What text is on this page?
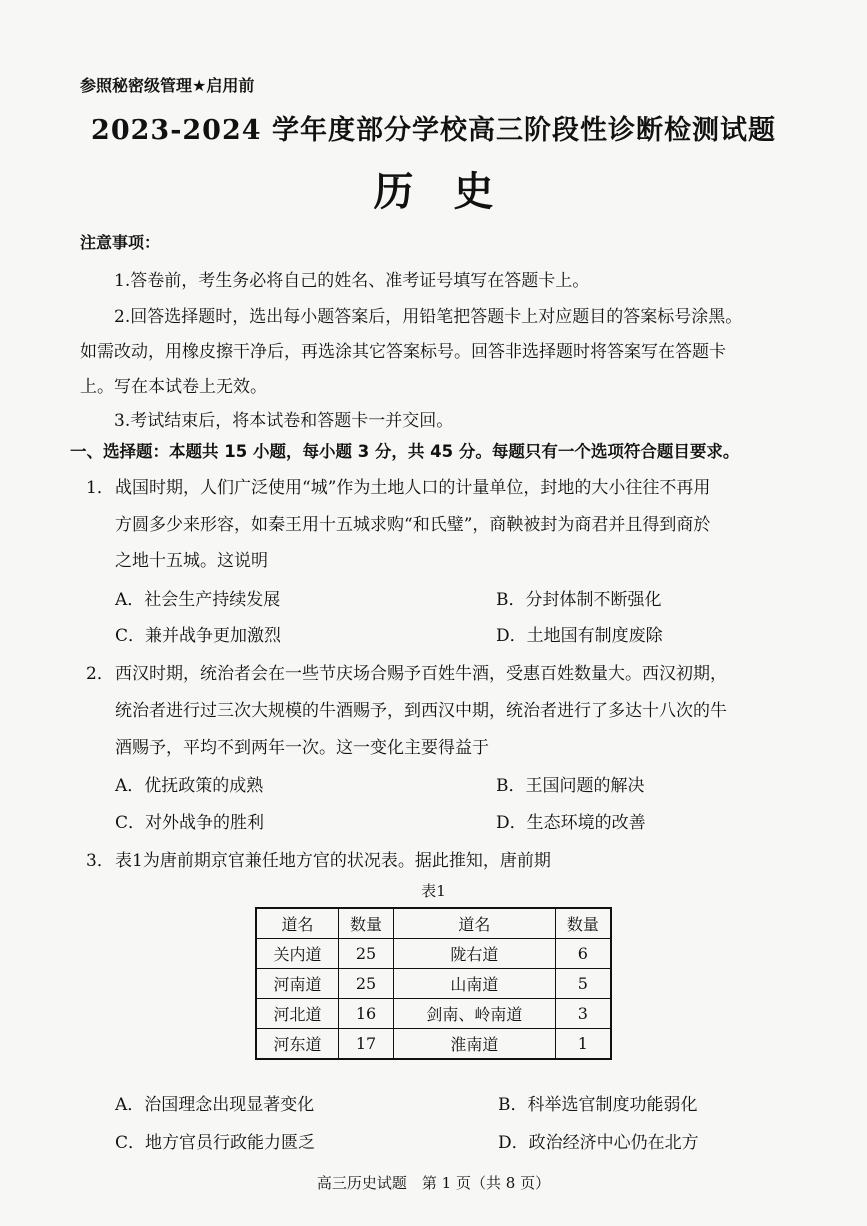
参照秘密级管理★启用前
2023-2024 学年度部分学校高三阶段性诊断检测试题
历史
注意事项：
1.答卷前，考生务必将自己的姓名、准考证号填写在答题卡上。
2.回答选择题时，选出每小题答案后，用铅笔把答题卡上对应题目的答案标号涂黑。
如需改动，用橡皮擦干净后，再选涂其它答案标号。回答非选择题时将答案写在答题卡
上。写在本试卷上无效。
3.考试结束后，将本试卷和答题卡一并交回。
一、选择题：本题共 15 小题，每小题 3 分，共 45 分。每题只有一个选项符合题目要求。
1． 战国时期，人们广泛使用“城”作为土地人口的计量单位，封地的大小往往不再用
方圆多少来形容，如秦王用十五城求购“和氏璧”，商鞅被封为商君并且得到商於
之地十五城。这说明
A．社会生产持续发展	B．分封体制不断强化
C．兼并战争更加激烈	D．土地国有制度废除
2． 西汉时期，统治者会在一些节庆场合赐予百姓牛酒，受惠百姓数量大。西汉初期，
统治者进行过三次大规模的牛酒赐予，到西汉中期，统治者进行了多达十八次的牛
酒赐予，平均不到两年一次。这一变化主要得益于
A．优抚政策的成熟	B．王国问题的解决
C．对外战争的胜利	D．生态环境的改善
3． 表1为唐前期京官兼任地方官的状况表。据此推知，唐前期
表1
道名	数量	道名	数量
关内道	25	陇右道	6
河南道	25	山南道	5
河北道	16	剑南、岭南道	3
河东道	17	淮南道	1
A．治国理念出现显著变化	B．科举选官制度功能弱化
C．地方官员行政能力匮乏	D．政治经济中心仍在北方
高三历史试题　第 1 页（共 8 页）
